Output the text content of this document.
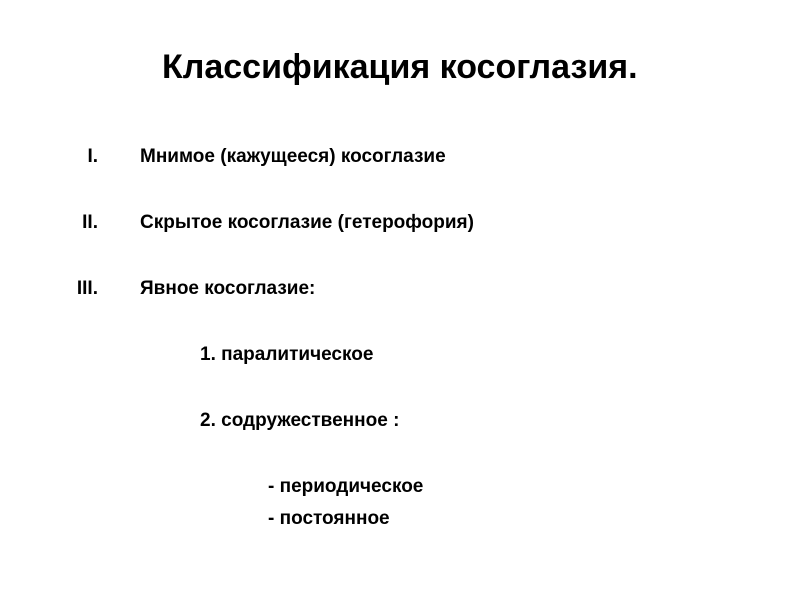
Классификация косоглазия.
I. Мнимое (кажущееся) косоглазие
II. Скрытое косоглазие (гетерофория)
III. Явное косоглазие:
1. паралитическое
2. содружественное :
- периодическое
- постоянное
